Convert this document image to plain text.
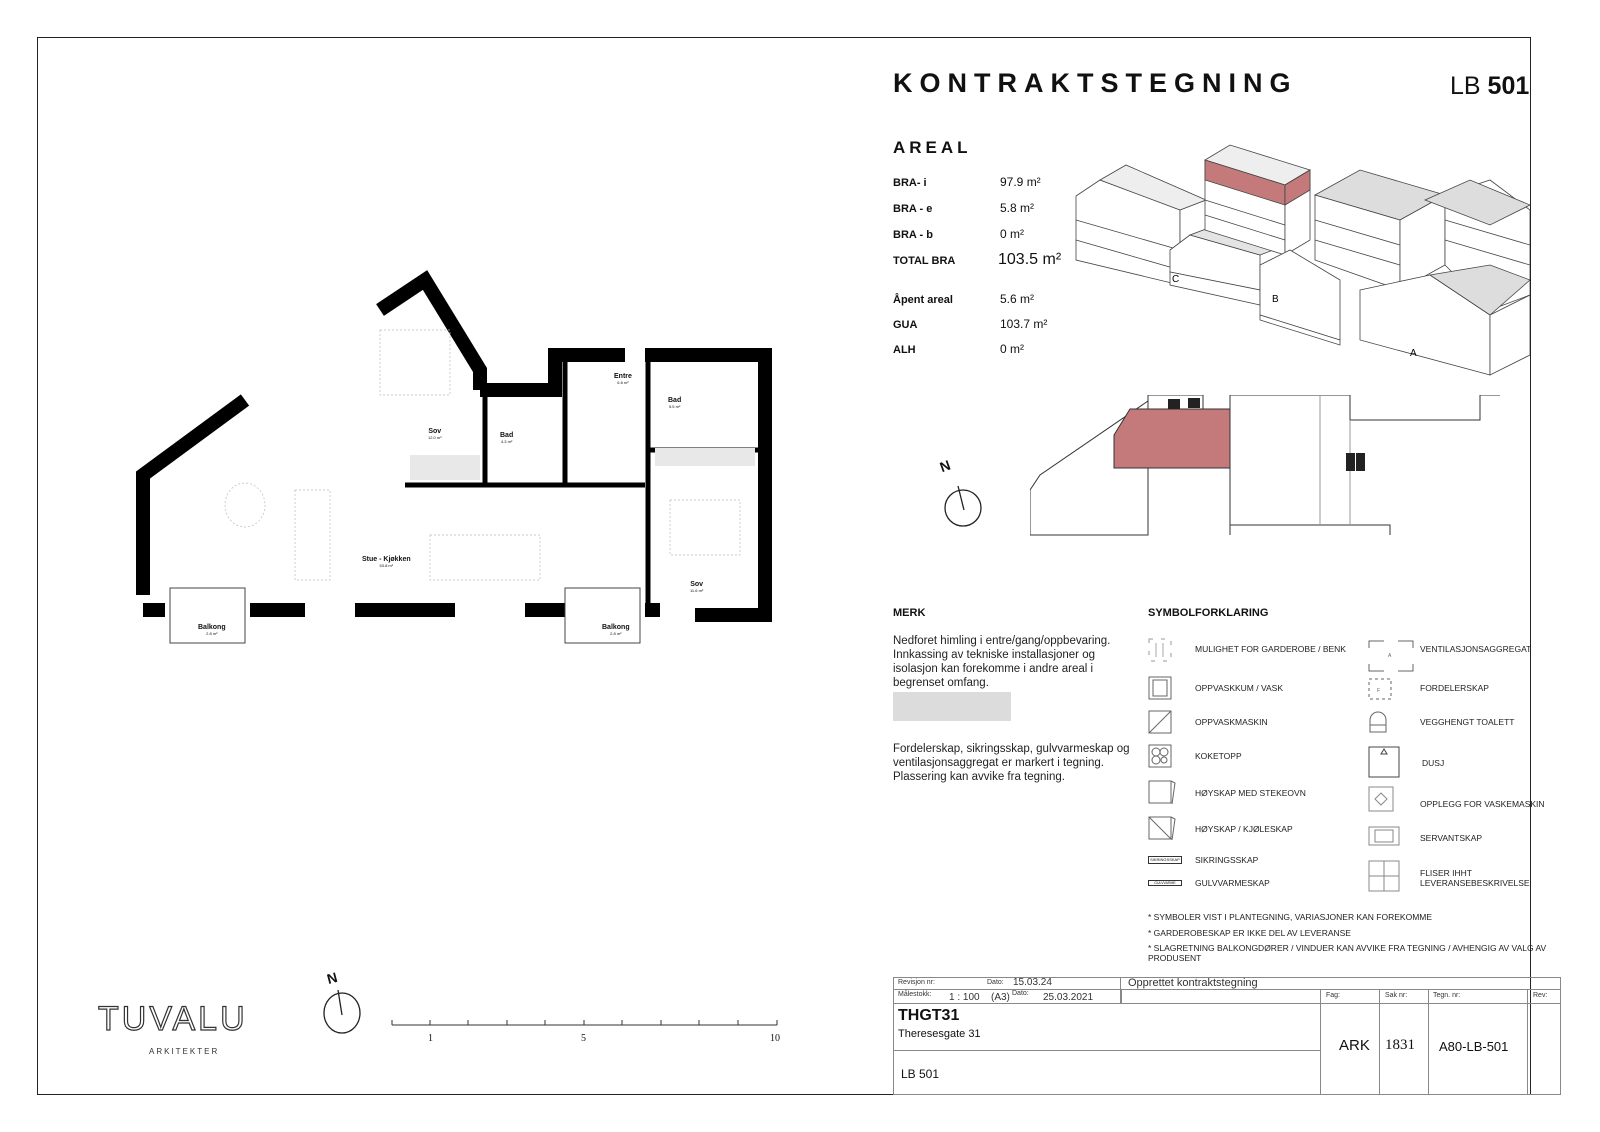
KONTRAKTSTEGNING	LB 501
AREAL
BRA- i	97.9 m²
BRA - e	5.8 m²
BRA - b	0 m²
TOTAL BRA	103.5 m²
Åpent areal	5.6 m²
GUA	103.7 m²
ALH	0 m²
C
B
A
N
Sov
12.0 m²	Bad
4.3 m²
Entre
6.6 m²
Bad
5.5 m²
Stue - Kjøkken
53.8 m²
Sov
11.6 m²
Balkong
2.8 m²
Balkong
2.8 m²
MERK
Nedforet himling i entre/gang/oppbevaring. Innkassing av tekniske installasjoner og isolasjon kan forekomme i andre areal i begrenset omfang.
Fordelerskap, sikringsskap, gulvvarmeskap og ventilasjonsaggregat er markert i tegning. Plassering kan avvike fra tegning.
SYMBOLFORKLARING
MULIGHET FOR GARDEROBE / BENK
OPPVASKKUM / VASK
OPPVASKMASKIN
KOKETOPP
HØYSKAP MED STEKEOVN
HØYSKAP / KJØLESKAP
SIKRINGSSKAP SIKRINGSSKAP
GULVVARME	GULVVARMESKAP
A
VENTILASJONSAGGREGAT
F	FORDELERSKAP
VEGGHENGT TOALETT
DUSJ
OPPLEGG FOR VASKEMASKIN
SERVANTSKAP
FLISER IHHT LEVERANSEBESKRIVELSE
* SYMBOLER VIST I PLANTEGNING, VARIASJONER KAN FOREKOMME
* GARDEROBESKAP ER IKKE DEL AV LEVERANSE
* SLAGRETNING BALKONGDØRER / VINDUER KAN AVVIKE FRA TEGNING / AVHENGIG AV VALG AV PRODUSENT
Revisjon nr:	Dato: 15.03.24	Opprettet kontraktstegning
Målestokk: 1 : 100 (A3) Dato: 25.03.2021	Fag:	Sak nr:	Tegn. nr:	Rev:
THGT31
Theresesgate 31
LB 501
ARK 1831 A80-LB-501
TUVALU
ARKITEKTER
N
1	5	10
